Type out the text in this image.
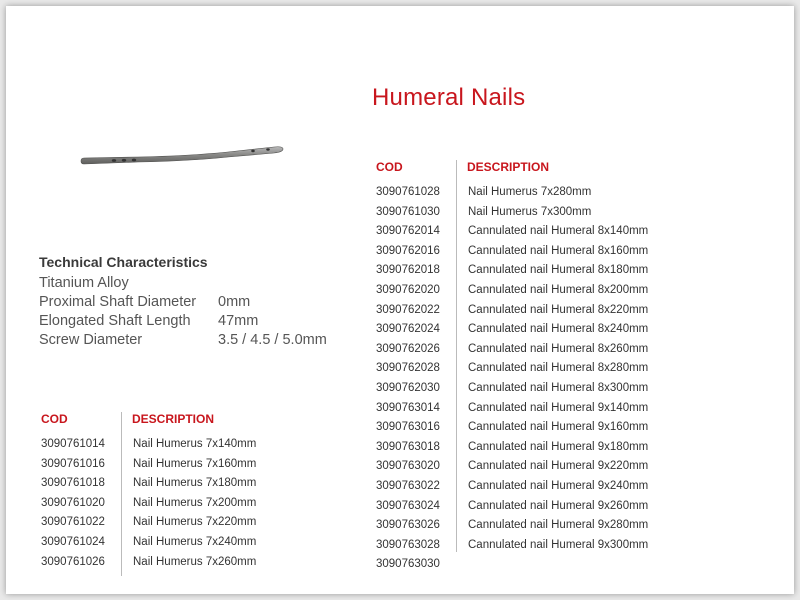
Humeral Nails
Technical Characteristics
Titanium Alloy
Proximal Shaft Diameter 0mm
Elongated Shaft Length 47mm
Screw Diameter	3.5 / 4.5 / 5.0mm
COD	DESCRIPTION
3090761014 Nail Humerus 7x140mm
3090761016 Nail Humerus 7x160mm
3090761018 Nail Humerus 7x180mm
3090761020 Nail Humerus 7x200mm
3090761022 Nail Humerus 7x220mm
3090761024 Nail Humerus 7x240mm
3090761026 Nail Humerus 7x260mm
COD	DESCRIPTION
3090761028 Nail Humerus 7x280mm
3090761030 Nail Humerus 7x300mm
3090762014 Cannulated nail Humeral 8x140mm
3090762016 Cannulated nail Humeral 8x160mm
3090762018 Cannulated nail Humeral 8x180mm
3090762020 Cannulated nail Humeral 8x200mm
3090762022 Cannulated nail Humeral 8x220mm
3090762024 Cannulated nail Humeral 8x240mm
3090762026 Cannulated nail Humeral 8x260mm
3090762028 Cannulated nail Humeral 8x280mm
3090762030 Cannulated nail Humeral 8x300mm
3090763014 Cannulated nail Humeral 9x140mm
3090763016 Cannulated nail Humeral 9x160mm
3090763018 Cannulated nail Humeral 9x180mm
3090763020 Cannulated nail Humeral 9x220mm
3090763022 Cannulated nail Humeral 9x240mm
3090763024 Cannulated nail Humeral 9x260mm
3090763026 Cannulated nail Humeral 9x280mm
3090763028 Cannulated nail Humeral 9x300mm
3090763030
